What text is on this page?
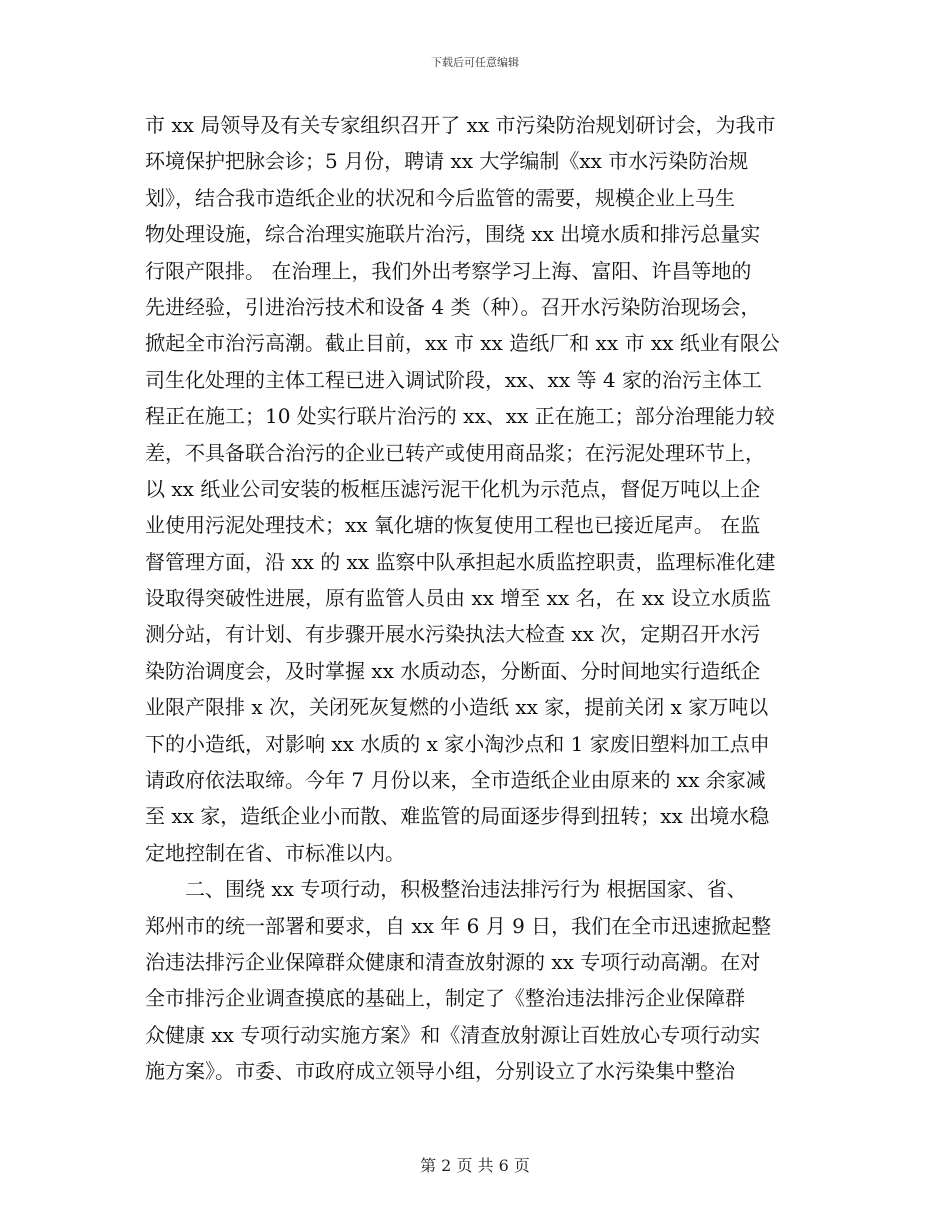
下载后可任意编辑
市 xx 局领导及有关专家组织召开了 xx 市污染防治规划研讨会，为我市
环境保护把脉会诊；5 月份，聘请 xx 大学编制《xx 市水污染防治规
划》，结合我市造纸企业的状况和今后监管的需要，规模企业上马生
物处理设施，综合治理实施联片治污，围绕 xx 出境水质和排污总量实
行限产限排。 在治理上，我们外出考察学习上海、富阳、许昌等地的
先进经验，引进治污技术和设备 4 类（种）。召开水污染防治现场会，
掀起全市治污高潮。截止目前，xx 市 xx 造纸厂和 xx 市 xx 纸业有限公
司生化处理的主体工程已进入调试阶段，xx、xx 等 4 家的治污主体工
程正在施工；10 处实行联片治污的 xx、xx 正在施工；部分治理能力较
差，不具备联合治污的企业已转产或使用商品浆；在污泥处理环节上，
以 xx 纸业公司安装的板框压滤污泥干化机为示范点，督促万吨以上企
业使用污泥处理技术；xx 氧化塘的恢复使用工程也已接近尾声。 在监
督管理方面，沿 xx 的 xx 监察中队承担起水质监控职责，监理标准化建
设取得突破性进展，原有监管人员由 xx 增至 xx 名，在 xx 设立水质监
测分站，有计划、有步骤开展水污染执法大检查 xx 次，定期召开水污
染防治调度会，及时掌握 xx 水质动态，分断面、分时间地实行造纸企
业限产限排 x 次，关闭死灰复燃的小造纸 xx 家，提前关闭 x 家万吨以
下的小造纸，对影响 xx 水质的 x 家小淘沙点和 1 家废旧塑料加工点申
请政府依法取缔。今年 7 月份以来，全市造纸企业由原来的 xx 余家减
至 xx 家，造纸企业小而散、难监管的局面逐步得到扭转；xx 出境水稳
定地控制在省、市标准以内。
　　二、围绕 xx 专项行动，积极整治违法排污行为 根据国家、省、
郑州市的统一部署和要求，自 xx 年 6 月 9 日，我们在全市迅速掀起整
治违法排污企业保障群众健康和清查放射源的 xx 专项行动高潮。在对
全市排污企业调查摸底的基础上，制定了《整治违法排污企业保障群
众健康 xx 专项行动实施方案》和《清查放射源让百姓放心专项行动实
施方案》。市委、市政府成立领导小组，分别设立了水污染集中整治
第 2 页 共 6 页
